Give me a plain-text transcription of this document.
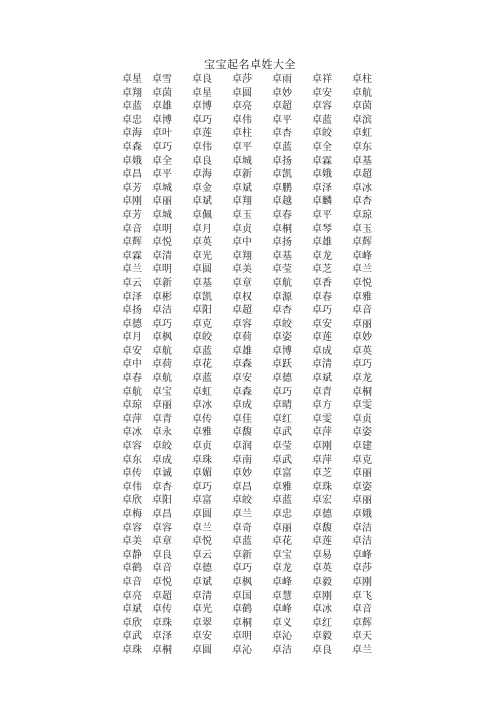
宝宝起名卓姓大全
卓星	卓雪	卓良	卓莎	卓雨	卓祥	卓柱
卓翔	卓茵	卓星	卓圆	卓妙	卓安	卓航
卓蓝	卓雄	卓博	卓亮	卓超	卓容	卓茵
卓忠	卓博	卓巧	卓伟	卓平	卓蓝	卓滨
卓海	卓叶	卓莲	卓柱	卓杏	卓皎	卓虹
卓森	卓巧	卓伟	卓平	卓蓝	卓全	卓东
卓娥	卓全	卓良	卓城	卓扬	卓霖	卓基
卓昌	卓平	卓海	卓新	卓凯	卓娥	卓超
卓芳	卓城	卓金	卓斌	卓鹏	卓泽	卓冰
卓刚	卓丽	卓斌	卓翔	卓越	卓麟	卓杏
卓芳	卓城	卓佩	卓玉	卓春	卓平	卓琼
卓音	卓明	卓月	卓贞	卓桐	卓琴	卓玉
卓辉	卓悦	卓英	卓中	卓扬	卓雄	卓辉
卓霖	卓清	卓光	卓翔	卓基	卓龙	卓峰
卓兰	卓明	卓圆	卓美	卓莹	卓芝	卓兰
卓云	卓新	卓基	卓章	卓航	卓香	卓悦
卓泽	卓彬	卓凯	卓权	卓源	卓春	卓雅
卓扬	卓洁	卓阳	卓超	卓杏	卓巧	卓音
卓德	卓巧	卓克	卓容	卓皎	卓安	卓丽
卓月	卓枫	卓皎	卓荷	卓姿	卓莲	卓妙
卓安	卓航	卓蓝	卓雄	卓博	卓成	卓英
卓中	卓荷	卓花	卓森	卓跃	卓清	卓巧
卓春	卓航	卓蓝	卓安	卓德	卓斌	卓龙
卓航	卓宝	卓虹	卓森	卓巧	卓青	卓桐
卓琼	卓丽	卓冰	卓成	卓晴	卓方	卓雯
卓萍	卓青	卓传	卓佳	卓红	卓雯	卓贞
卓冰	卓永	卓雅	卓馥	卓武	卓萍	卓姿
卓容	卓皎	卓贞	卓润	卓莹	卓刚	卓建
卓东	卓成	卓珠	卓南	卓武	卓萍	卓克
卓传	卓诚	卓媚	卓妙	卓富	卓芝	卓丽
卓伟	卓杏	卓巧	卓昌	卓雅	卓珠	卓姿
卓欣	卓阳	卓富	卓皎	卓蓝	卓宏	卓丽
卓梅	卓昌	卓圆	卓兰	卓忠	卓德	卓娥
卓容	卓容	卓兰	卓奇	卓丽	卓馥	卓洁
卓美	卓章	卓悦	卓蓝	卓花	卓莲	卓洁
卓静	卓良	卓云	卓新	卓宝	卓易	卓峰
卓鹤	卓音	卓德	卓巧	卓龙	卓英	卓莎
卓音	卓悦	卓斌	卓枫	卓峰	卓毅	卓刚
卓亮	卓超	卓清	卓国	卓慧	卓刚	卓飞
卓斌	卓传	卓光	卓鹤	卓峰	卓冰	卓音
卓欣	卓珠	卓翠	卓桐	卓义	卓红	卓辉
卓武	卓泽	卓安	卓明	卓沁	卓毅	卓天
卓珠	卓桐	卓圆	卓沁	卓洁	卓良	卓兰
